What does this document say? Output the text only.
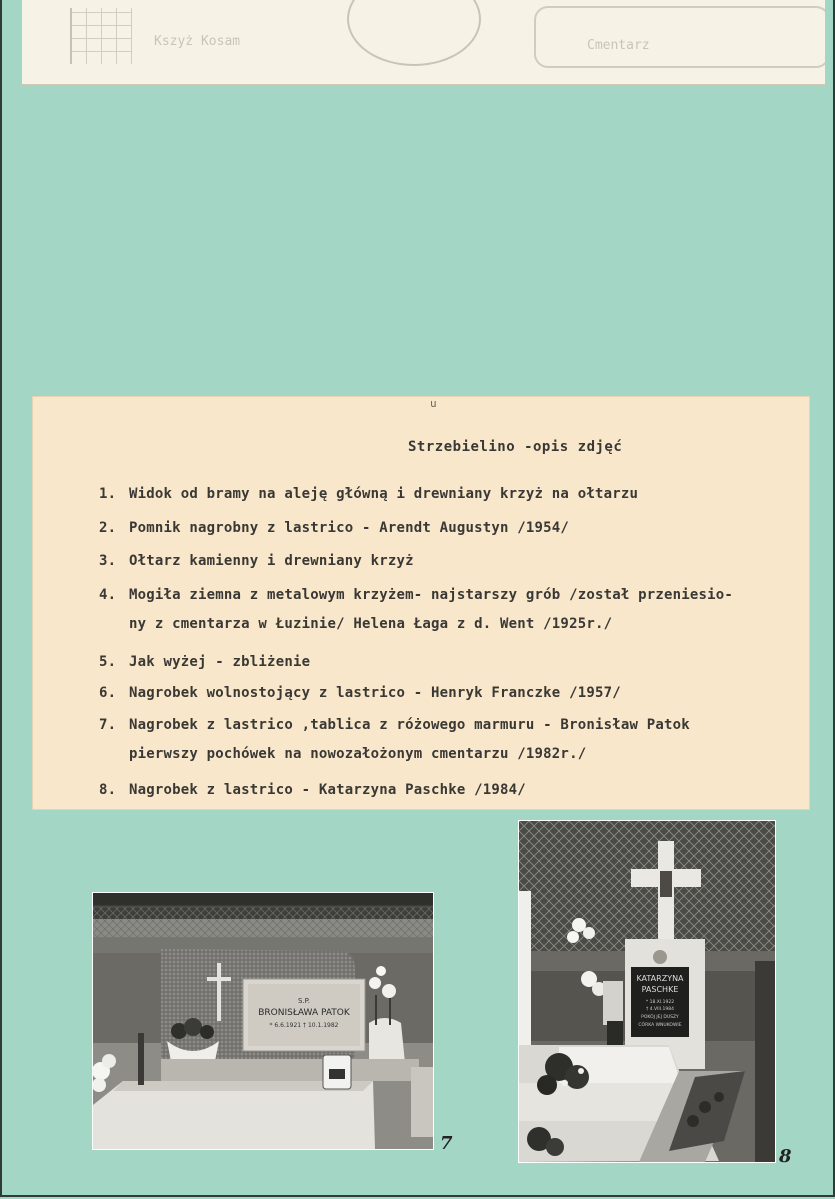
Kszyż Kosam	Cmentarz
u
Strzebielino -opis zdjęć
1. Widok od bramy na aleję główną i drewniany krzyż na ołtarzu
2. Pomnik nagrobny z lastrico - Arendt Augustyn /1954/
3. Ołtarz kamienny i drewniany krzyż
4. Mogiła ziemna z metalowym krzyżem- najstarszy grób /został przeniesio-
ny z cmentarza w Łuzinie/ Helena Łaga z d. Went /1925r./
5. Jak wyżej - zbliżenie
6. Nagrobek wolnostojący z lastrico - Henryk Franczke /1957/
7. Nagrobek z lastrico ,tablica z różowego marmuru - Bronisław Patok
pierwszy pochówek na nowozałożonym cmentarzu /1982r./
8. Nagrobek z lastrico - Katarzyna Paschke /1984/
S.P.
BRONISŁAWA PATOK
* 6.6.1921 † 10.1.1982
7
KATARZYNA
PASCHKE
* 18.XI.1922
† 4.VIII.1984
POKÓJ JEJ DUSZY
CÓRKA WNUKOWIE
8
